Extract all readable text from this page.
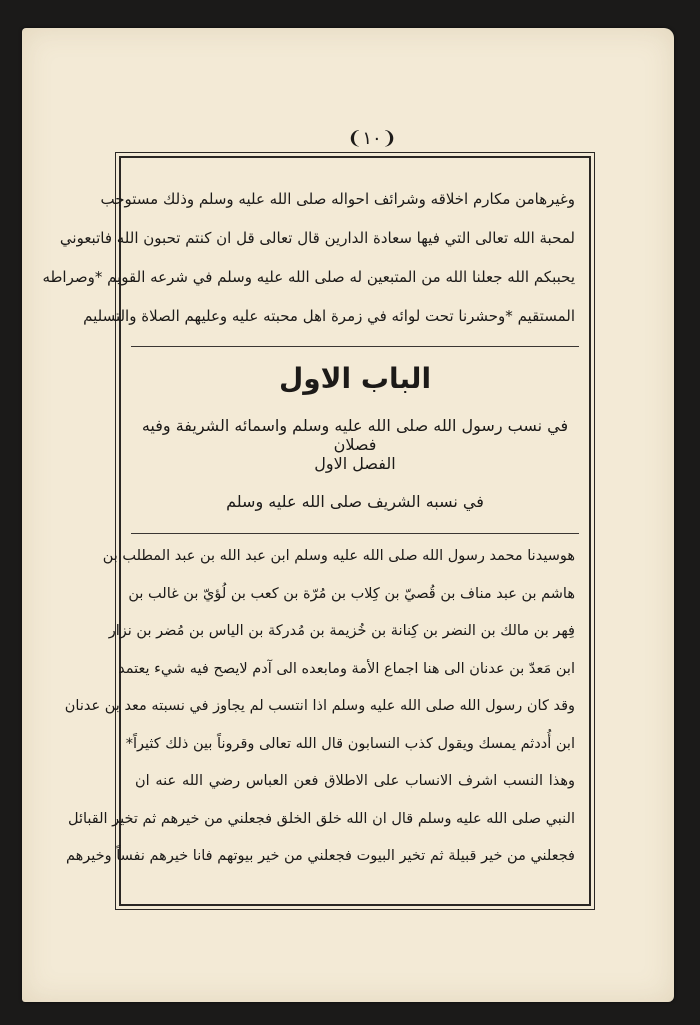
❨١٠❩
وغيرهامن مكارم اخلاقه وشرائف احواله صلى الله عليه وسلم وذلك مستوجب
لمحبة الله تعالى التي فيها سعادة الدارين قال تعالى قل ان كنتم تحبون الله فاتبعوني
يحببكم الله جعلنا الله من المتبعين له صلى الله عليه وسلم في شرعه القويم *وصراطه
المستقيم *وحشرنا تحت لوائه في زمرة اهل محبته عليه وعليهم الصلاة والتسليم
الباب الاول
في نسب رسول الله صلى الله عليه وسلم واسمائه الشريفة وفيه فصلان
الفصل الاول
في نسبه الشريف صلى الله عليه وسلم
هوسيدنا محمد رسول الله صلى الله عليه وسلم ابن عبد الله بن عبد المطلب بن
هاشم بن عبد مناف بن قُصيّ بن كِلاب بن مُرّة بن كعب بن لُؤيّ بن غالب بن
فِهر بن مالك بن النضر بن كِنانة بن خُزيمة بن مُدركة بن الياس بن مُضر بن نزار
ابن مَعدّ بن عدنان الى هنا اجماع الأمة ومابعده الى آدم لايصح فيه شيء يعتمد
وقد كان رسول الله صلى الله عليه وسلم اذا انتسب لم يجاوز في نسبته معد بن عدنان
ابن أُددثم يمسك ويقول كذب النسابون قال الله تعالى وقروناً بين ذلك كثيراً*
وهذا النسب اشرف الانساب على الاطلاق فعن العباس رضي الله عنه ان
النبي صلى الله عليه وسلم قال ان الله خلق الخلق فجعلني من خيرهم ثم تخير القبائل
فجعلني من خير قبيلة ثم تخير البيوت فجعلني من خير بيوتهم فانا خيرهم نفساً وخيرهم
